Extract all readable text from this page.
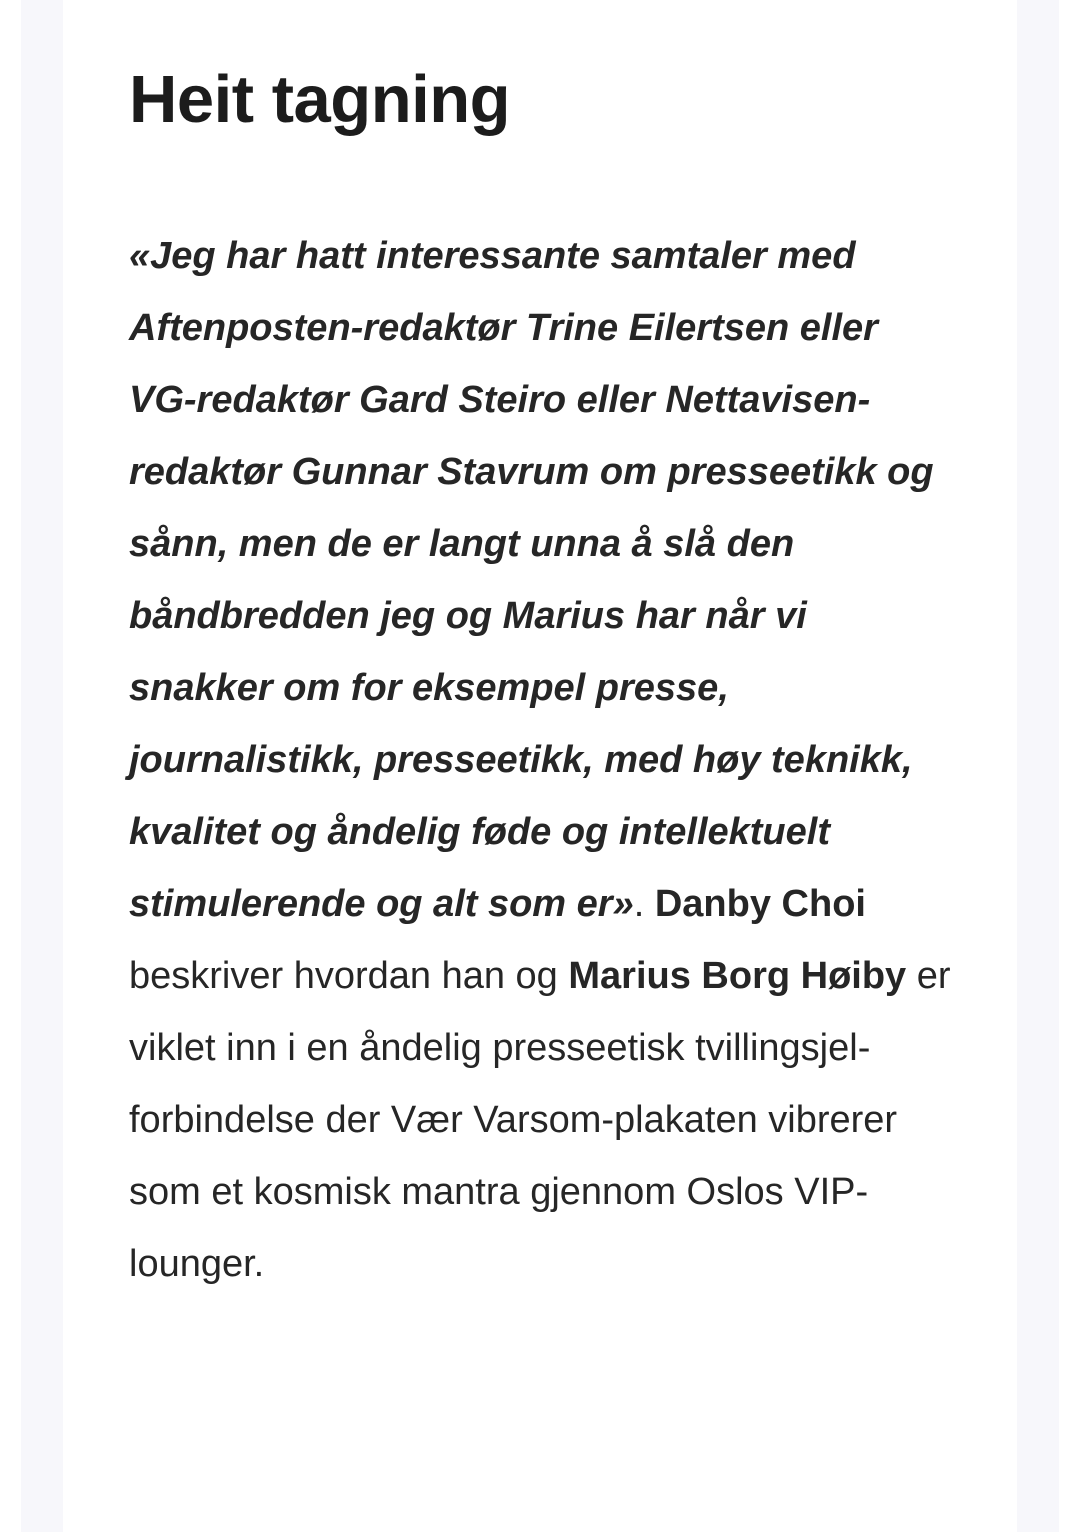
Heit tagning

«Jeg har hatt interessante samtaler med Aftenposten-redaktør Trine Eilertsen eller VG-redaktør Gard Steiro eller Nettavisen-redaktør Gunnar Stavrum om presseetikk og sånn, men de er langt unna å slå den båndbredden jeg og Marius har når vi snakker om for eksempel presse, journalistikk, presseetikk, med høy teknikk, kvalitet og åndelig føde og intellektuelt stimulerende og alt som er». Danby Choi beskriver hvordan han og Marius Borg Høiby er viklet inn i en åndelig presseetisk tvillingsjel-forbindelse der Vær Varsom-plakaten vibrerer som et kosmisk mantra gjennom Oslos VIP-lounger.
